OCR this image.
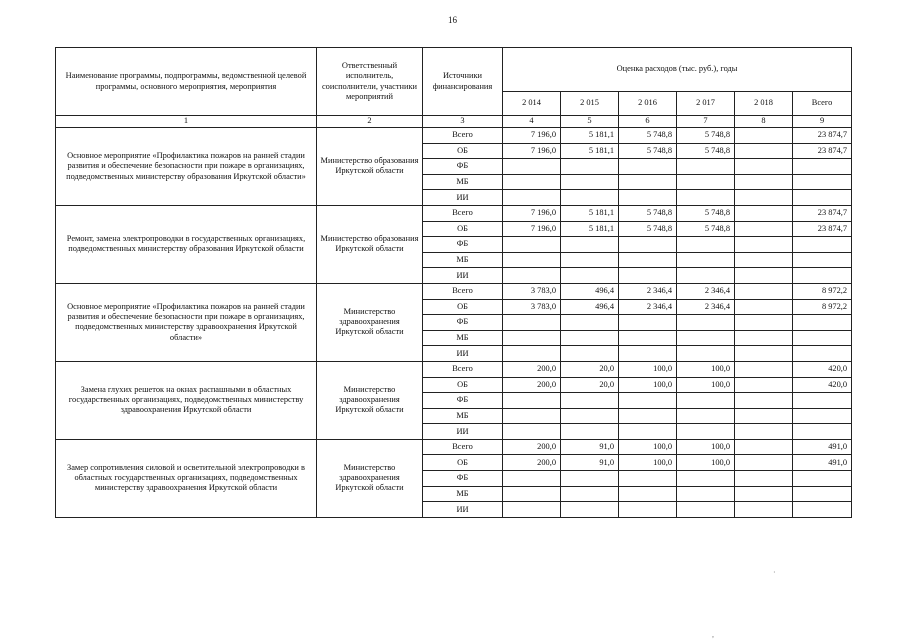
16
Наименование программы, подпрограммы, ведомственной целевой программы, основного мероприятия, мероприятия	Ответственный исполнитель, соисполнители, участники мероприятий	Источники финансирования	Оценка расходов (тыс. руб.), годы					
			2 014	2 015	2 016	2 017	2 018	Всего
1	2	3	4	5	6	7	8	9
Основное мероприятие «Профилактика пожаров на ранней стадии развития и обеспечение безопасности при пожаре в организациях, подведомственных министерству образования Иркутской области»	Министерство образования Иркутской области	Всего	7 196,0	5 181,1	5 748,8	5 748,8		23 874,7
		ОБ	7 196,0	5 181,1	5 748,8	5 748,8		23 874,7
		ФБ						
		МБ						
		ИИ						
Ремонт, замена электропроводки в государственных организациях, подведомственных министерству образования Иркутской области	Министерство образования Иркутской области	Всего	7 196,0	5 181,1	5 748,8	5 748,8		23 874,7
		ОБ	7 196,0	5 181,1	5 748,8	5 748,8		23 874,7
		ФБ						
		МБ						
		ИИ						
Основное мероприятие «Профилактика пожаров на ранней стадии развития и обеспечение безопасности при пожаре в организациях, подведомственных министерству здравоохранения Иркутской области»	Министерство здравоохранения Иркутской области	Всего	3 783,0	496,4	2 346,4	2 346,4		8 972,2
		ОБ	3 783,0	496,4	2 346,4	2 346,4		8 972,2
		ФБ						
		МБ						
		ИИ						
Замена глухих решеток на окнах распашными в областных государственных организациях, подведомственных министерству здравоохранения Иркутской области	Министерство здравоохранения Иркутской области	Всего	200,0	20,0	100,0	100,0		420,0
		ОБ	200,0	20,0	100,0	100,0		420,0
		ФБ						
		МБ						
		ИИ						
Замер сопротивления силовой и осветительной электропроводки в областных государственных организациях, подведомственных министерству здравоохранения Иркутской области	Министерство здравоохранения Иркутской области	Всего	200,0	91,0	100,0	100,0		491,0
		ОБ	200,0	91,0	100,0	100,0		491,0
		ФБ						
		МБ						
		ИИ						
·
,
